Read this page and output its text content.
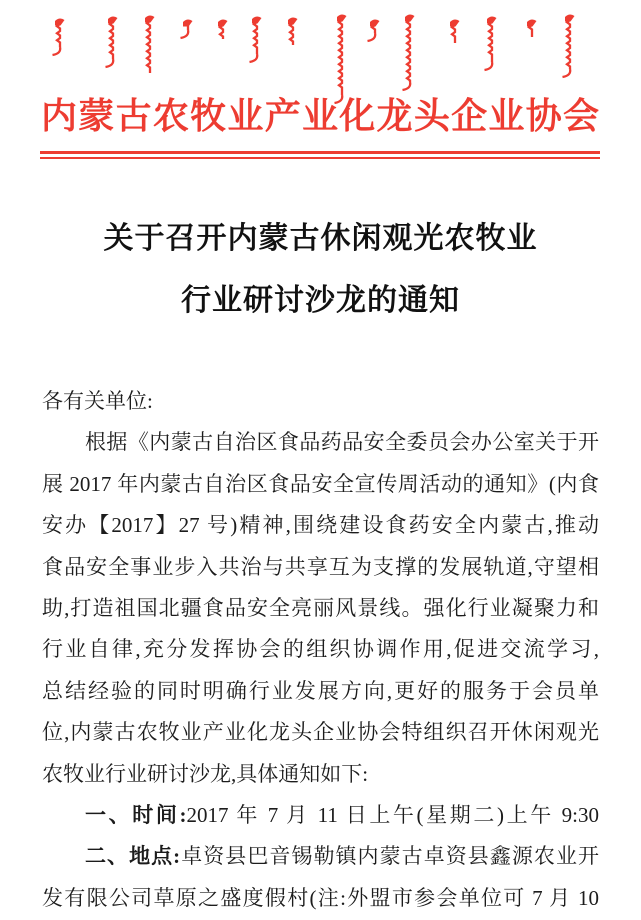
内蒙古农牧业产业化龙头企业协会
关于召开内蒙古休闲观光农牧业
行业研讨沙龙的通知
各有关单位:
根据《内蒙古自治区食品药品安全委员会办公室关于开
展 2017 年内蒙古自治区食品安全宣传周活动的通知》(内食
安办【2017】27 号)精神,围绕建设食药安全内蒙古,推动
食品安全事业步入共治与共享互为支撑的发展轨道,守望相
助,打造祖国北疆食品安全亮丽风景线。强化行业凝聚力和
行业自律,充分发挥协会的组织协调作用,促进交流学习,
总结经验的同时明确行业发展方向,更好的服务于会员单
位,内蒙古农牧业产业化龙头企业协会特组织召开休闲观光
农牧业行业研讨沙龙,具体通知如下:
一、时间:2017 年 7 月 11 日上午(星期二)上午 9:30
二、地点:卓资县巴音锡勒镇内蒙古卓资县鑫源农业开
发有限公司草原之盛度假村(注:外盟市参会单位可 7 月 10
